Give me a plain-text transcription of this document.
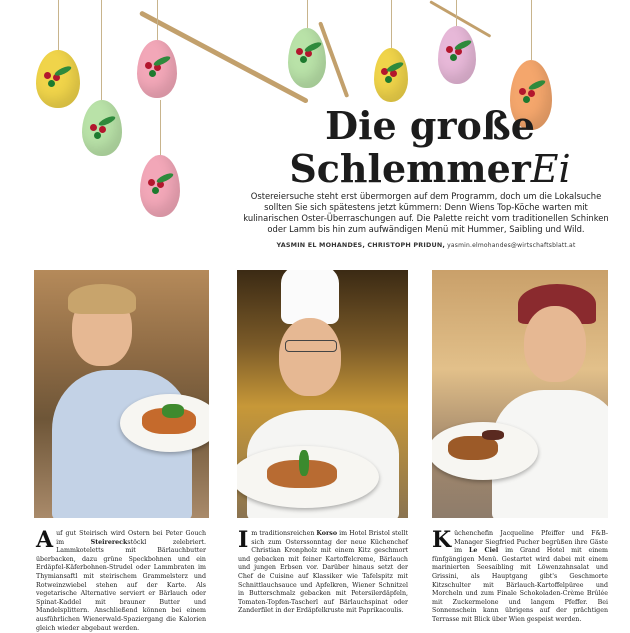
Die große
SchlemmerEi
Ostereiersuche steht erst übermorgen auf dem Programm, doch um die Lokalsuche sollten Sie sich spätestens jetzt kümmern: Denn Wiens Top-Köche warten mit kulinarischen Oster-Überraschungen auf. Die Palette reicht vom traditionellen Schinken oder Lamm bis hin zum aufwändigen Menü mit Hummer, Saibling und Wild.
YASMIN EL MOHANDES, CHRISTOPH PRIDUN, yasmin.elmohandes@wirtschaftsblatt.at
Auf gut Steirisch wird Ostern bei Peter Gouch im Steirereckstöckl zelebriert. Lammkoteletts mit Bärlauchbutter überbacken, dazu grüne Speckbohnen und ein Erdäpfel-Käferbohnen-Strudel oder Lammbraten im Thymiansaftl mit steirischem Grammelsterz und Rotweinzwiebel stehen auf der Karte. Als vegetarische Alternative serviert er Bärlauch oder Spinat-Kaddel mit brauner Butter und Mandelsplittern. Anschließend können bei einem ausführlichen Wienerwald-Spaziergang die Kalorien gleich wieder abgebaut werden.
Im traditionsreichen Korso im Hotel Bristol stellt sich zum Osterssonntag der neue Küchenchef Christian Kronpholz mit einem Kitz geschmort und gebacken mit feiner Kartoffelcreme, Bärlauch und jungen Erbsen vor. Darüber hinaus setzt der Chef de Cuisine auf Klassiker wie Tafelspitz mit Schnittlauchsauce und Apfelkren, Wiener Schnitzel in Butterschmalz gebacken mit Petersilerdäpfeln, Tomaten-Topfen-Tascherl auf Bärlauchspinat oder Zanderfilet in der Erdäpfelkruste mit Paprikacoulis.
Küchenchefin Jacqueline Pfeiffer und F&B-Manager Siegfried Pucher begrüßen ihre Gäste im Le Ciel im Grand Hotel mit einem fünfgängigen Menü. Gestartet wird dabei mit einem marinierten Seesaibling mit Löwenzahnsalat und Grissini, als Hauptgang gibt's Geschmorte Kitzschulter mit Bärlauch-Kartoffelpüree und Morcheln und zum Finale Schokoladen-Crème Brûlée mit Zuckermelone und langem Pfeffer. Bei Sonnenschein kann übrigens auf der prächtigen Terrasse mit Blick über Wien gespeist werden.
